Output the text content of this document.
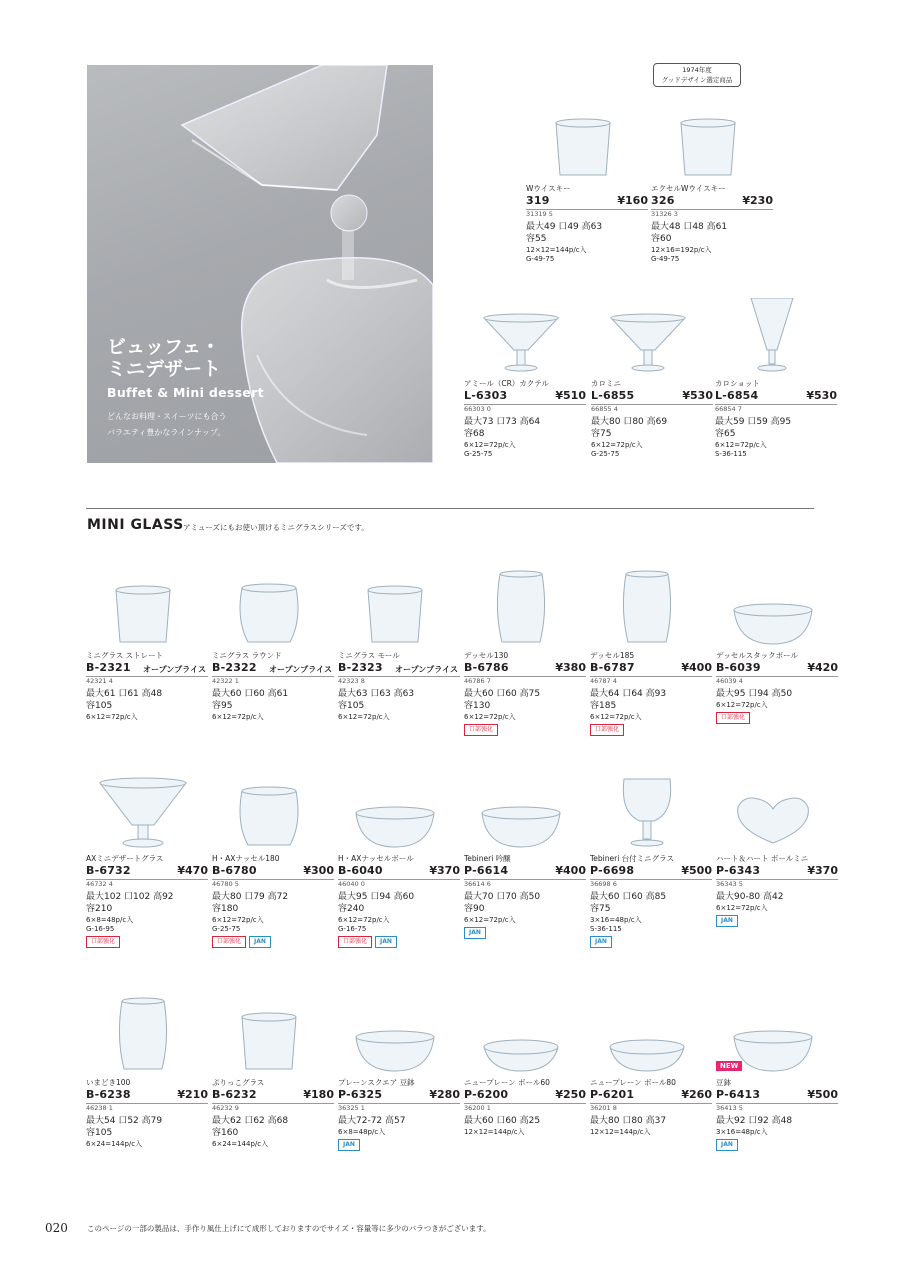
ビュッフェ・
ミニデザート
Buffet & Mini dessert
どんなお料理・スイーツにも合う
バラエティ豊かなラインナップ。
1974年度
グッドデザイン選定商品
MINI GLASS アミューズにもお使い頂けるミニグラスシリーズです。
Wウイスキー
319	¥160
31319 5
最大49 口49 高63
容55
12×12=144p/c入
G-49-75
エクセルWウイスキー
326	¥230
31326 3
最大48 口48 高61
容60
12×16=192p/c入
G-49-75
アミール（CR）カクテル
L-6303	¥510
66303 0
最大73 口73 高64
容68
6×12=72p/c入
G-25-75
カロミニ
L-6855	¥530
66855 4
最大80 口80 高69
容75
6×12=72p/c入
G-25-75
カロショット
L-6854	¥530
66854 7
最大59 口59 高95
容65
6×12=72p/c入
S-36-115
ミニグラス ストレート
B-2321 オープンプライス
42321 4
最大61 口61 高48
容105
6×12=72p/c入
ミニグラス ラウンド
B-2322 オープンプライス
42322 1
最大60 口60 高61
容95
6×12=72p/c入
ミニグラス モール
B-2323 オープンプライス
42323 8
最大63 口63 高63
容105
6×12=72p/c入
デッセル130
B-6786	¥380
46786 7
最大60 口60 高75
容130
6×12=72p/c入
口部強化
デッセル185
B-6787	¥400
46787 4
最大64 口64 高93
容185
6×12=72p/c入
口部強化
デッセルスタックボール
B-6039	¥420
46039 4
最大95 口94 高50
6×12=72p/c入
口部強化
AXミニデザートグラス
B-6732	¥470
46732 4
最大102 口102 高92
容210
6×8=48p/c入
G-16-95
口部強化
H・AXナッセル180
B-6780	¥300
46780 5
最大80 口79 高72
容180
6×12=72p/c入
G-25-75
口部強化	JAN
H・AXナッセルボール
B-6040	¥370
46040 0
最大95 口94 高60
容240
6×12=72p/c入
G-16-75
口部強化	JAN
Tebineri 吟醸
P-6614	¥400
36614 6
最大70 口70 高50
容90
6×12=72p/c入
JAN
Tebineri 台付ミニグラス
P-6698	¥500
36698 6
最大60 口60 高85
容75
3×16=48p/c入
S-36-115
JAN
ハート＆ハート ボールミニ
P-6343	¥370
36343 5
最大90-80 高42
6×12=72p/c入
JAN
いまどき100
B-6238	¥210
46238 1
最大54 口52 高79
容105
6×24=144p/c入
ぷりっこグラス
B-6232	¥180
46232 9
最大62 口62 高68
容160
6×24=144p/c入
プレーンスクエア 豆鉢
P-6325	¥280
36325 1
最大72-72 高57
6×8=48p/c入
JAN
ニュープレーン ボール60
P-6200	¥250
36200 1
最大60 口60 高25
12×12=144p/c入
ニュープレーン ボール80
P-6201	¥260
36201 8
最大80 口80 高37
12×12=144p/c入
NEW
豆鉢
P-6413	¥500
36413 5
最大92 口92 高48
3×16=48p/c入
JAN
020	このページの一部の製品は、手作り風仕上げにて成形しておりますのでサイズ・容量等に多少のバラつきがございます。
